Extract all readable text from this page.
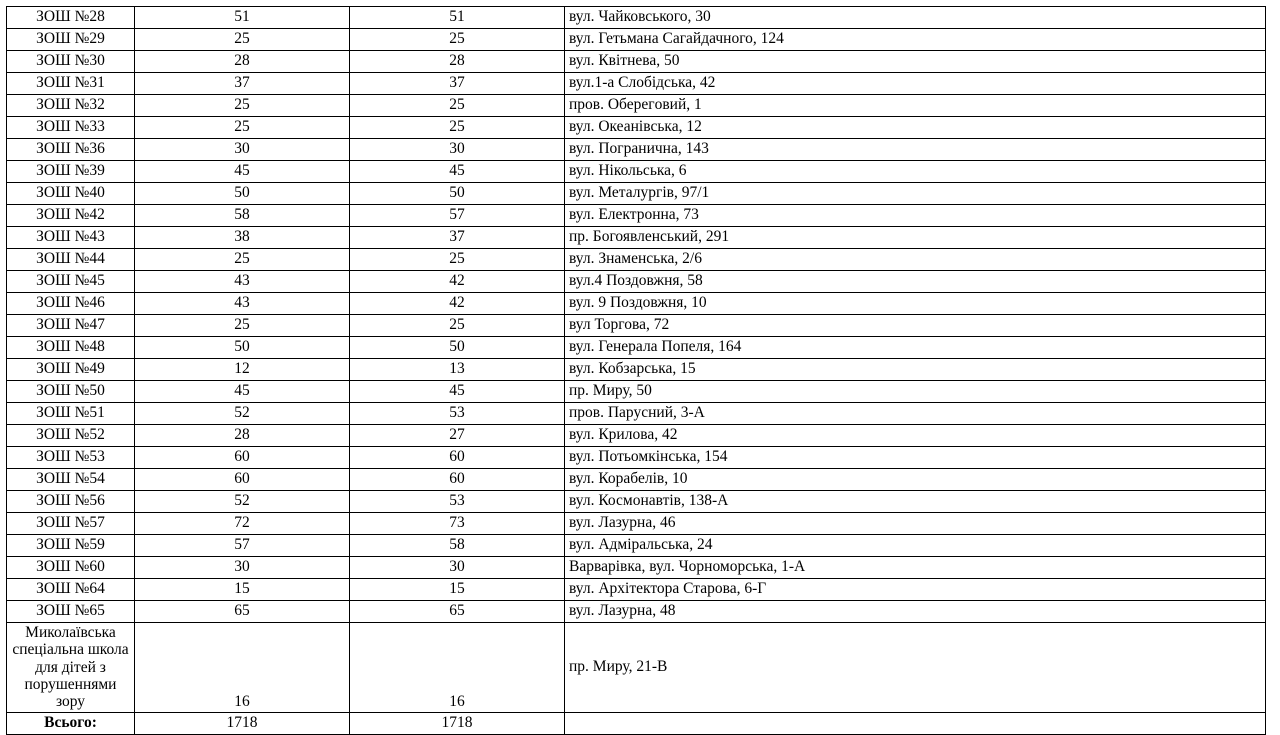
ЗОШ №28	51	51	вул. Чайковського, 30
ЗОШ №29	25	25	вул. Гетьмана Сагайдачного, 124
ЗОШ №30	28	28	вул. Квітнева, 50
ЗОШ №31	37	37	вул.1-а Слобідська, 42
ЗОШ №32	25	25	пров. Оберегoвий, 1
ЗОШ №33	25	25	вул. Океанівська, 12
ЗОШ №36	30	30	вул. Погранична, 143
ЗОШ №39	45	45	вул. Нікольська, 6
ЗОШ №40	50	50	вул. Металургів, 97/1
ЗОШ №42	58	57	вул. Електронна, 73
ЗОШ №43	38	37	пр. Богоявленський, 291
ЗОШ №44	25	25	вул. Знаменська, 2/6
ЗОШ №45	43	42	вул.4 Поздовжня, 58
ЗОШ №46	43	42	вул. 9 Поздовжня, 10
ЗОШ №47	25	25	вул Торгова, 72
ЗОШ №48	50	50	вул. Генерала Попеля, 164
ЗОШ №49	12	13	вул. Кобзарська, 15
ЗОШ №50	45	45	пр. Миру, 50
ЗОШ №51	52	53	пров. Парусний, 3-А
ЗОШ №52	28	27	вул. Крилова, 42
ЗОШ №53	60	60	вул. Потьомкінська, 154
ЗОШ №54	60	60	вул. Корабелів, 10
ЗОШ №56	52	53	вул. Космонавтів, 138-А
ЗОШ №57	72	73	вул. Лазурна, 46
ЗОШ №59	57	58	вул. Адміральська, 24
ЗОШ №60	30	30	Варварівка, вул. Чорноморська, 1-А
ЗОШ №64	15	15	вул. Архітектора Старова, 6-Г
ЗОШ №65	65	65	вул. Лазурна, 48
Миколаївська спеціальна школа для дітей з порушеннями зору	16	16	пр. Миру, 21-В
Всього:	1718	1718	
